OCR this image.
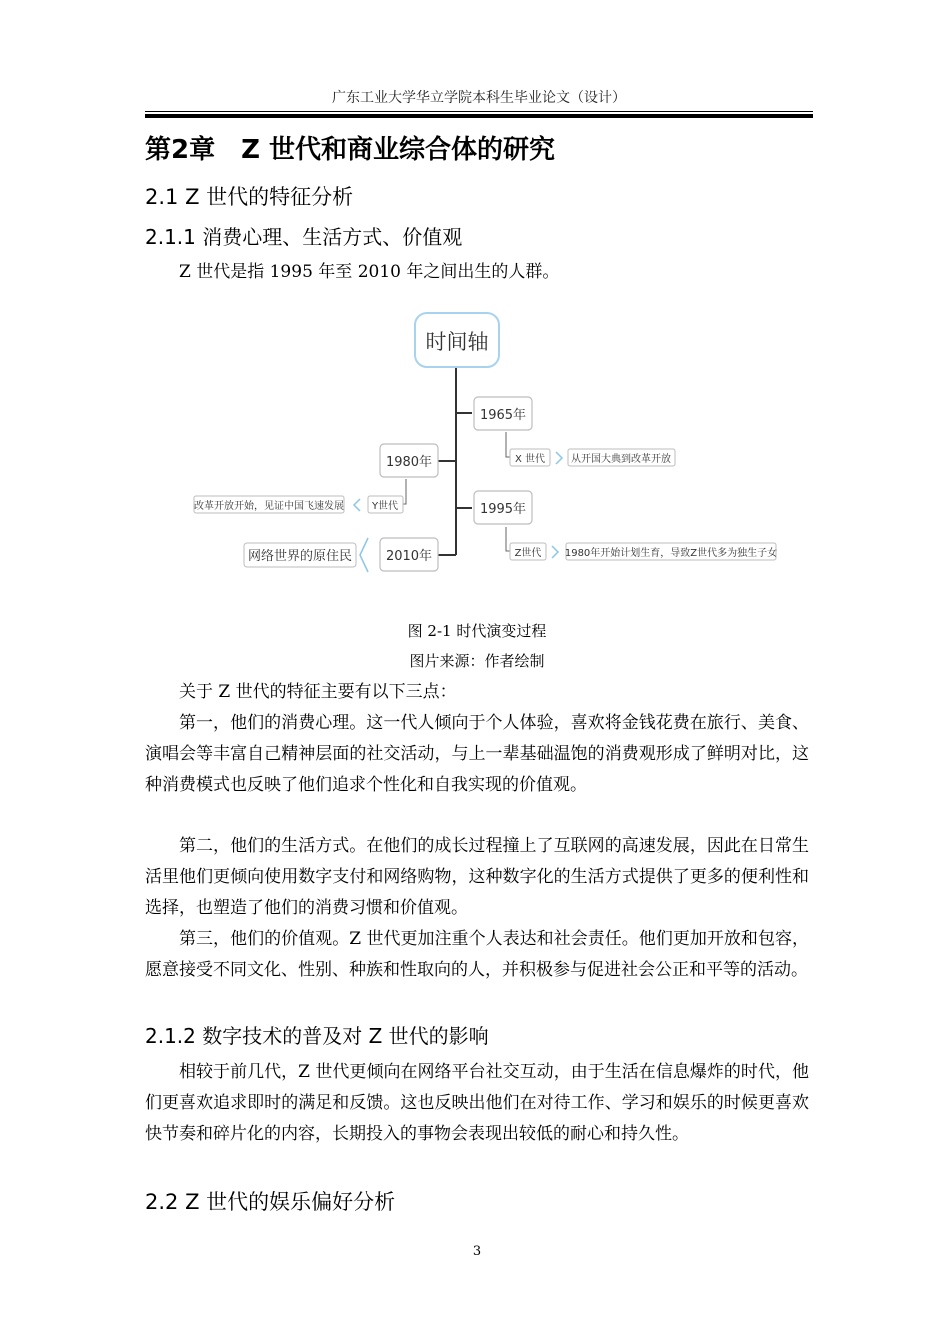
广东工业大学华立学院本科生毕业论文（设计）
第2章　Z 世代和商业综合体的研究
2.1 Z 世代的特征分析
2.1.1 消费心理、生活方式、价值观

Z 世代是指 1995 年至 2010 年之间出生的人群。

时间轴
1965年
1980年
1995年
2010年
X 世代	从开国大典到改革开放
Y世代
改革开放开始，见证中国飞速发展
Z世代 1980年开始计划生育，导致Z世代多为独生子女
网络世界的原住民

图 2-1 时代演变过程

图片来源：作者绘制

关于 Z 世代的特征主要有以下三点：

第一，他们的消费心理。这一代人倾向于个人体验，喜欢将金钱花费在旅行、美食、演唱会等丰富自己精神层面的社交活动，与上一辈基础温饱的消费观形成了鲜明对比，这种消费模式也反映了他们追求个性化和自我实现的价值观。

第二，他们的生活方式。在他们的成长过程撞上了互联网的高速发展，因此在日常生活里他们更倾向使用数字支付和网络购物，这种数字化的生活方式提供了更多的便利性和选择，也塑造了他们的消费习惯和价值观。

第三，他们的价值观。Z 世代更加注重个人表达和社会责任。他们更加开放和包容，愿意接受不同文化、性别、种族和性取向的人，并积极参与促进社会公正和平等的活动。

2.1.2 数字技术的普及对 Z 世代的影响

相较于前几代，Z 世代更倾向在网络平台社交互动，由于生活在信息爆炸的时代，他们更喜欢追求即时的满足和反馈。这也反映出他们在对待工作、学习和娱乐的时候更喜欢快节奏和碎片化的内容，长期投入的事物会表现出较低的耐心和持久性。

2.2 Z 世代的娱乐偏好分析
3
